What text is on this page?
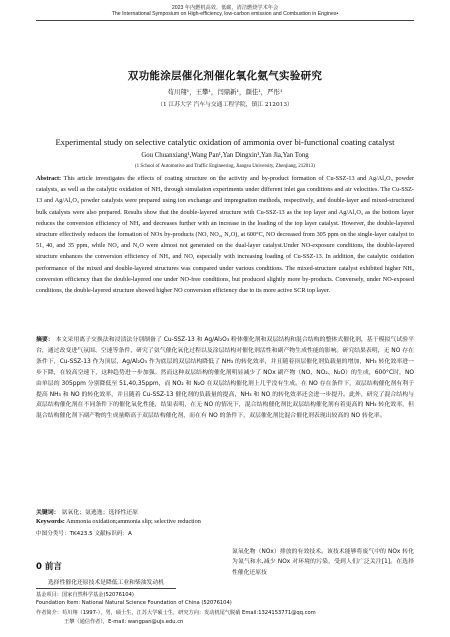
2023 年内燃机高效、低碳、清洁燃烧学术年会
The International Symposium on High-efficiency, low-carbon emission and Combustion in Engines•
双功能涂层催化剂催化氧化氨气实验研究
苟川翔¹，王攀¹，闫鼎新¹，颜佳¹，严彤¹
（1 江苏大学 汽车与交通工程学院，镇江 212013）
Experimental study on selective catalytic oxidation of ammonia over bi-functional coating catalyst
Gou Chuanxiang¹,Wang Pan¹,Yan Dingxin¹,Yan Jia,Yan Tong
(1 School of Automotive and Traffic Engineering, Jiangsu University, Zhenjiang, 212013)
Abstract: This article investigates the effects of coating structure on the activity and by-product formation of Cu-SSZ-13 and Ag/Al₂O₃ powder catalysts, as well as the catalytic oxidation of NH₃ through simulation experiments under different inlet gas conditions and air velocities. The Cu-SSZ-13 and Ag/Al₂O₃ powder catalysts were prepared using ion exchange and impregnation methods, respectively, and double-layer and mixed-structured bulk catalysts were also prepared. Results show that the double-layered structure with Cu-SSZ-13 as the top layer and Ag/Al₂O₃ as the bottom layer reduces the conversion efficiency of NH₃ and decreases further with an increase in the loading of the top layer catalyst. However, the double-layered structure effectively reduces the formation of NOx by-products (NO, NO₂, N₂O), at 600°C, NO decreased from 305 ppm on the single-layer catalyst to 51, 40, and 35 ppm, while NO₂ and N₂O were almost not generated on the dual-layer catalyst.Under NO-exposure conditions, the double-layered structure enhances the conversion efficiency of NH₃ and NO, especially with increasing loading of Cu-SSZ-13. In addition, the catalytic oxidation performance of the mixed and double-layered structures was compared under various conditions. The mixed-structure catalyst exhibited higher NH₃ conversion efficiency than the double-layered one under NO-free conditions, but produced slightly more by-products. Conversely, under NO-exposed conditions, the double-layered structure showed higher NO conversion efficiency due to its more active SCR top layer.
摘要： 本文采用离子交换法和浸渍法分别制备了 Cu-SSZ-13 和 Ag/Al₂O₃ 粉体催化剂和双层结构和混合结构的整体式催化剂，基于模拟气试验平台，通过改变进气氛围、空速等条件，研究了氨气催化氧化过程以及涂层结构对催化剂活性和副产物生成性能的影响。研究结果表明，无 NO 存在条件下，Cu-SSZ-13 作为顶层，Ag/Al₂O₃ 作为底层的双层结构降低了 NH₃ 的转化效率，并且随着顶层催化剂负载量的增加，NH₃ 转化效率进一步下降，在较高空速下，这种趋势进一步加强。然而这种双层结构的催化剂明显减少了 NOx 副产物（NO、NO₂、N₂O）的生成，600°C时，NO 由单层的 305ppm 分别降低至 51,40,35ppm，而 NO₂ 和 N₂O 在双层结构催化剂上几乎没有生成。在 NO 存在条件下，双层结构催化剂有利于提高 NH₃ 和 NO 的转化效率，并且随着 Cu-SSZ-13 催化剂的负载量的提高，NH₃ 和 NO 的转化效率还会进一步提升。此外，研究了混合结构与双层结构催化剂在不同条件下的催化氧化性能，结果表明，在无 NO 的情况下，混合结构催化剂比双层结构催化剂有着更高的 NH₃ 转化效率，但混合结构催化剂下副产物的生成量略高于双层结构催化剂，而在有 NO 的条件下，双层催化剂比混合催化剂表现出较高的 NO 转化率。
关键词： 氨氧化；氨逃逸；选择性还原
Keywords: Ammonia oxidation;ammonia slip; selective reduction
中图分类号：TK423.5 文献标识码：A
0 前言
选择性催化还原技术是降低工业和柴油发动机
氮氧化物（NOx）排放的有效技术。该技术能够将废气中的 NOx 转化为氮气和水,减少 NOx 对环境的污染，受到人们广泛关注[1]。在选择性催化还原技
基金项目：国家自然科学基金(52076104)
Foundation Item: National Natural Science Foundation of China (52076104)
作者简介：苟川翔（1997-），男，硕士生，江苏大学硕士生，研究方向：发动机尾气脱硝 Email:1324153771@qq.com
王攀（通信作者），E-mail: wangpan@ujs.edu.cn
